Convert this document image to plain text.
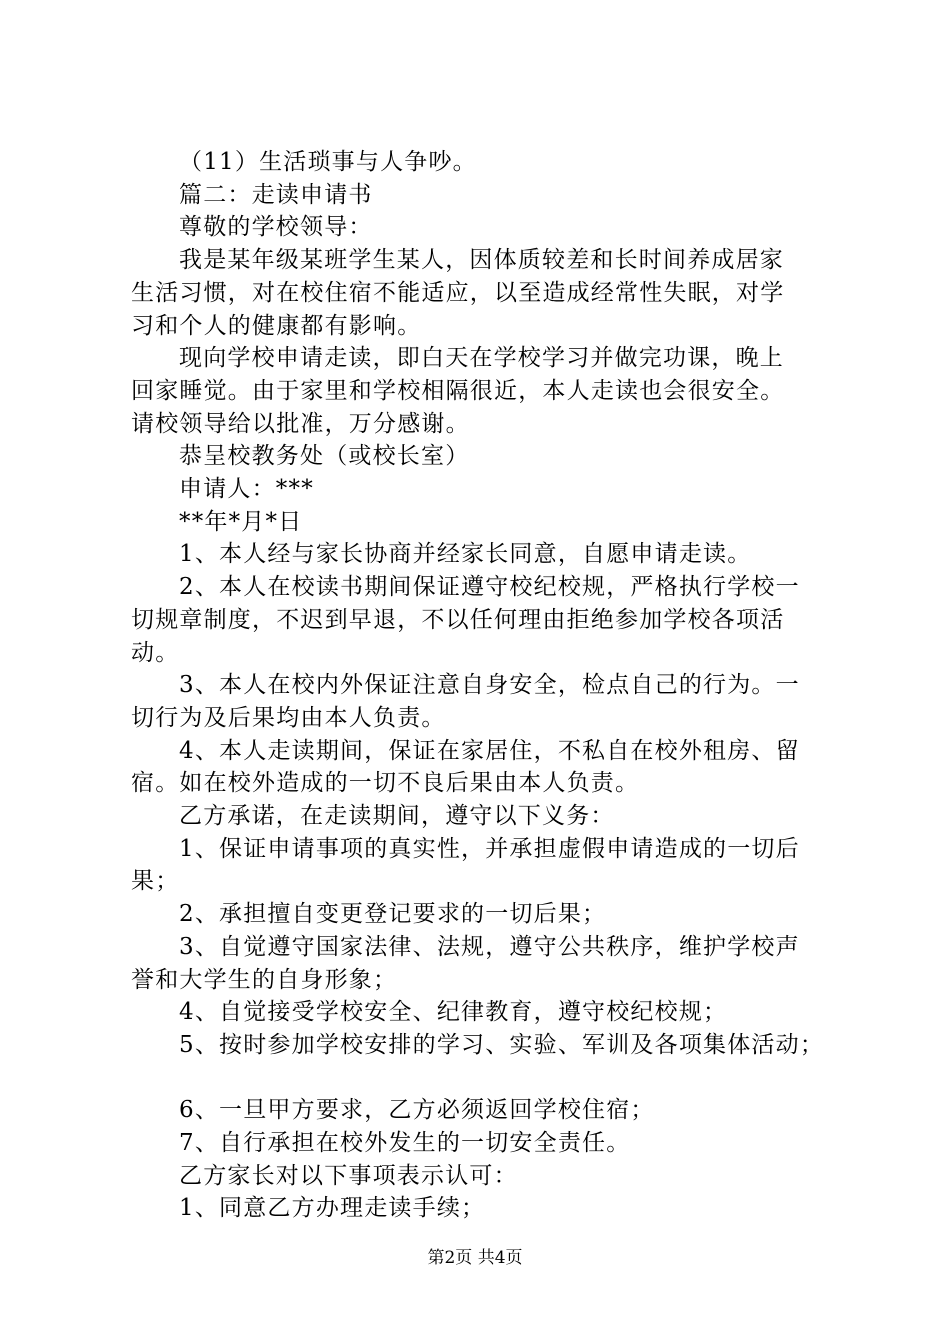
（11）生活琐事与人争吵。
篇二：走读申请书
尊敬的学校领导：
我是某年级某班学生某人，因体质较差和长时间养成居家
生活习惯，对在校住宿不能适应，以至造成经常性失眠，对学
习和个人的健康都有影响。
现向学校申请走读，即白天在学校学习并做完功课，晚上
回家睡觉。由于家里和学校相隔很近，本人走读也会很安全。
请校领导给以批准，万分感谢。
恭呈校教务处（或校长室）
申请人：***
**年*月*日
1、本人经与家长协商并经家长同意，自愿申请走读。
2、本人在校读书期间保证遵守校纪校规，严格执行学校一
切规章制度，不迟到早退，不以任何理由拒绝参加学校各项活
动。
3、本人在校内外保证注意自身安全，检点自己的行为。一
切行为及后果均由本人负责。
4、本人走读期间，保证在家居住，不私自在校外租房、留
宿。如在校外造成的一切不良后果由本人负责。
乙方承诺，在走读期间，遵守以下义务：
1、保证申请事项的真实性，并承担虚假申请造成的一切后
果；
2、承担擅自变更登记要求的一切后果；
3、自觉遵守国家法律、法规，遵守公共秩序，维护学校声
誉和大学生的自身形象；
4、自觉接受学校安全、纪律教育，遵守校纪校规；
5、按时参加学校安排的学习、实验、军训及各项集体活动；
6、一旦甲方要求，乙方必须返回学校住宿；
7、自行承担在校外发生的一切安全责任。
乙方家长对以下事项表示认可：
1、同意乙方办理走读手续；
第2页 共4页
